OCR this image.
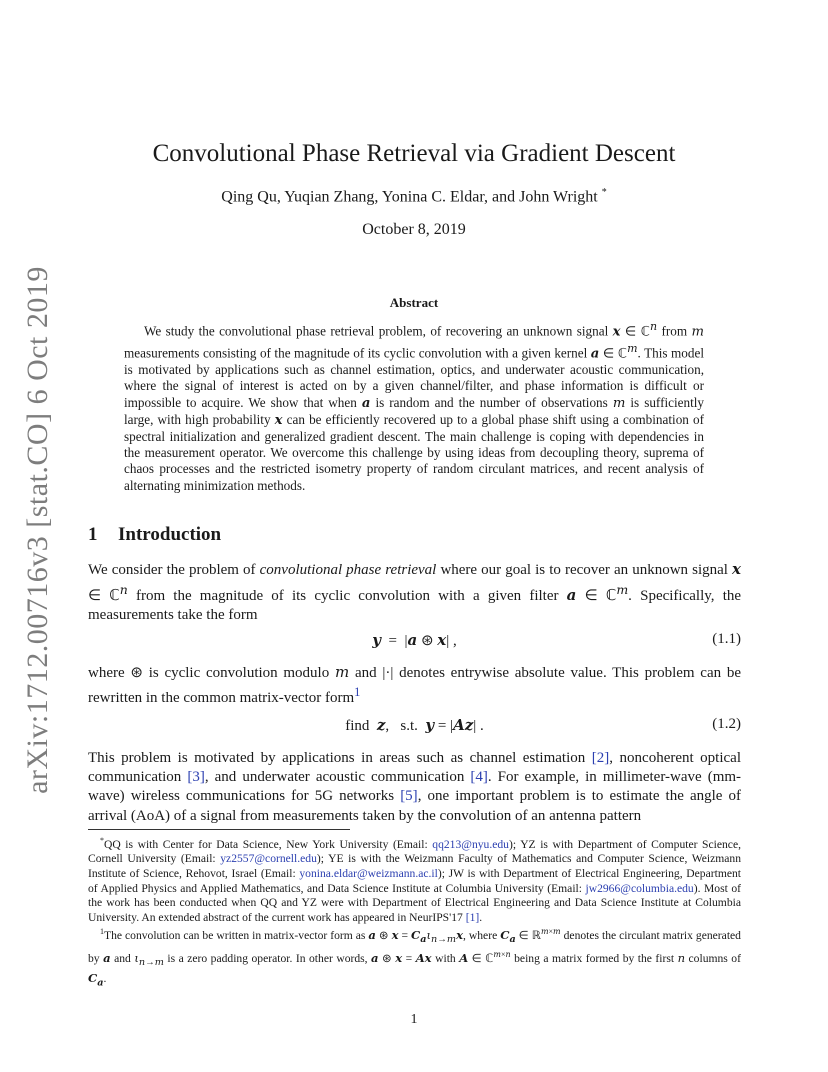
arXiv:1712.00716v3 [stat.CO] 6 Oct 2019
Convolutional Phase Retrieval via Gradient Descent
Qing Qu, Yuqian Zhang, Yonina C. Eldar, and John Wright *
October 8, 2019
Abstract
We study the convolutional phase retrieval problem, of recovering an unknown signal x ∈ ℂ$^n$ from m measurements consisting of the magnitude of its cyclic convolution with a given kernel a ∈ ℂ$^m$. This model is motivated by applications such as channel estimation, optics, and underwater acoustic communication, where the signal of interest is acted on by a given channel/filter, and phase information is difficult or impossible to acquire. We show that when a is random and the number of observations m is sufficiently large, with high probability x can be efficiently recovered up to a global phase shift using a combination of spectral initialization and generalized gradient descent. The main challenge is coping with dependencies in the measurement operator. We overcome this challenge by using ideas from decoupling theory, suprema of chaos processes and the restricted isometry property of random circulant matrices, and recent analysis of alternating minimization methods.
1 Introduction
We consider the problem of convolutional phase retrieval where our goal is to recover an unknown signal x ∈ ℂ$^n$ from the magnitude of its cyclic convolution with a given filter a ∈ ℂ$^m$. Specifically, the measurements take the form
y  =  |a ⊛ x| ,	(1.1)
where ⊛ is cyclic convolution modulo m and |·| denotes entrywise absolute value. This problem can be rewritten in the common matrix-vector form$^1$
find z,   s.t. y = |Az| .	(1.2)
This problem is motivated by applications in areas such as channel estimation [2], noncoherent optical communication [3], and underwater acoustic communication [4]. For example, in millimeter-wave (mm-wave) wireless communications for 5G networks [5], one important problem is to estimate the angle of arrival (AoA) of a signal from measurements taken by the convolution of an antenna pattern

*QQ is with Center for Data Science, New York University (Email: qq213@nyu.edu); YZ is with Department of Computer Science, Cornell University (Email: yz2557@cornell.edu); YE is with the Weizmann Faculty of Mathematics and Computer Science, Weizmann Institute of Science, Rehovot, Israel (Email: yonina.eldar@weizmann.ac.il); JW is with Department of Electrical Engineering, Department of Applied Physics and Applied Mathematics, and Data Science Institute at Columbia University (Email: jw2966@columbia.edu). Most of the work has been conducted when QQ and YZ were with Department of Electrical Engineering and Data Science Institute at Columbia University. An extended abstract of the current work has appeared in NeurIPS'17 [1].

$^1$The convolution can be written in matrix-vector form as a ⊛ $x = C_a\iota_{n\to m}x$, where $C_a$ ∈ ℝ$^{m\times m}$ denotes the circulant matrix generated by a and $\iota_{n\to m}$ is a zero padding operator. In other words, a ⊛ x = Ax with A ∈ ℂ$^{m\times n}$ being a matrix formed by the first n columns of $C_a$.

1
